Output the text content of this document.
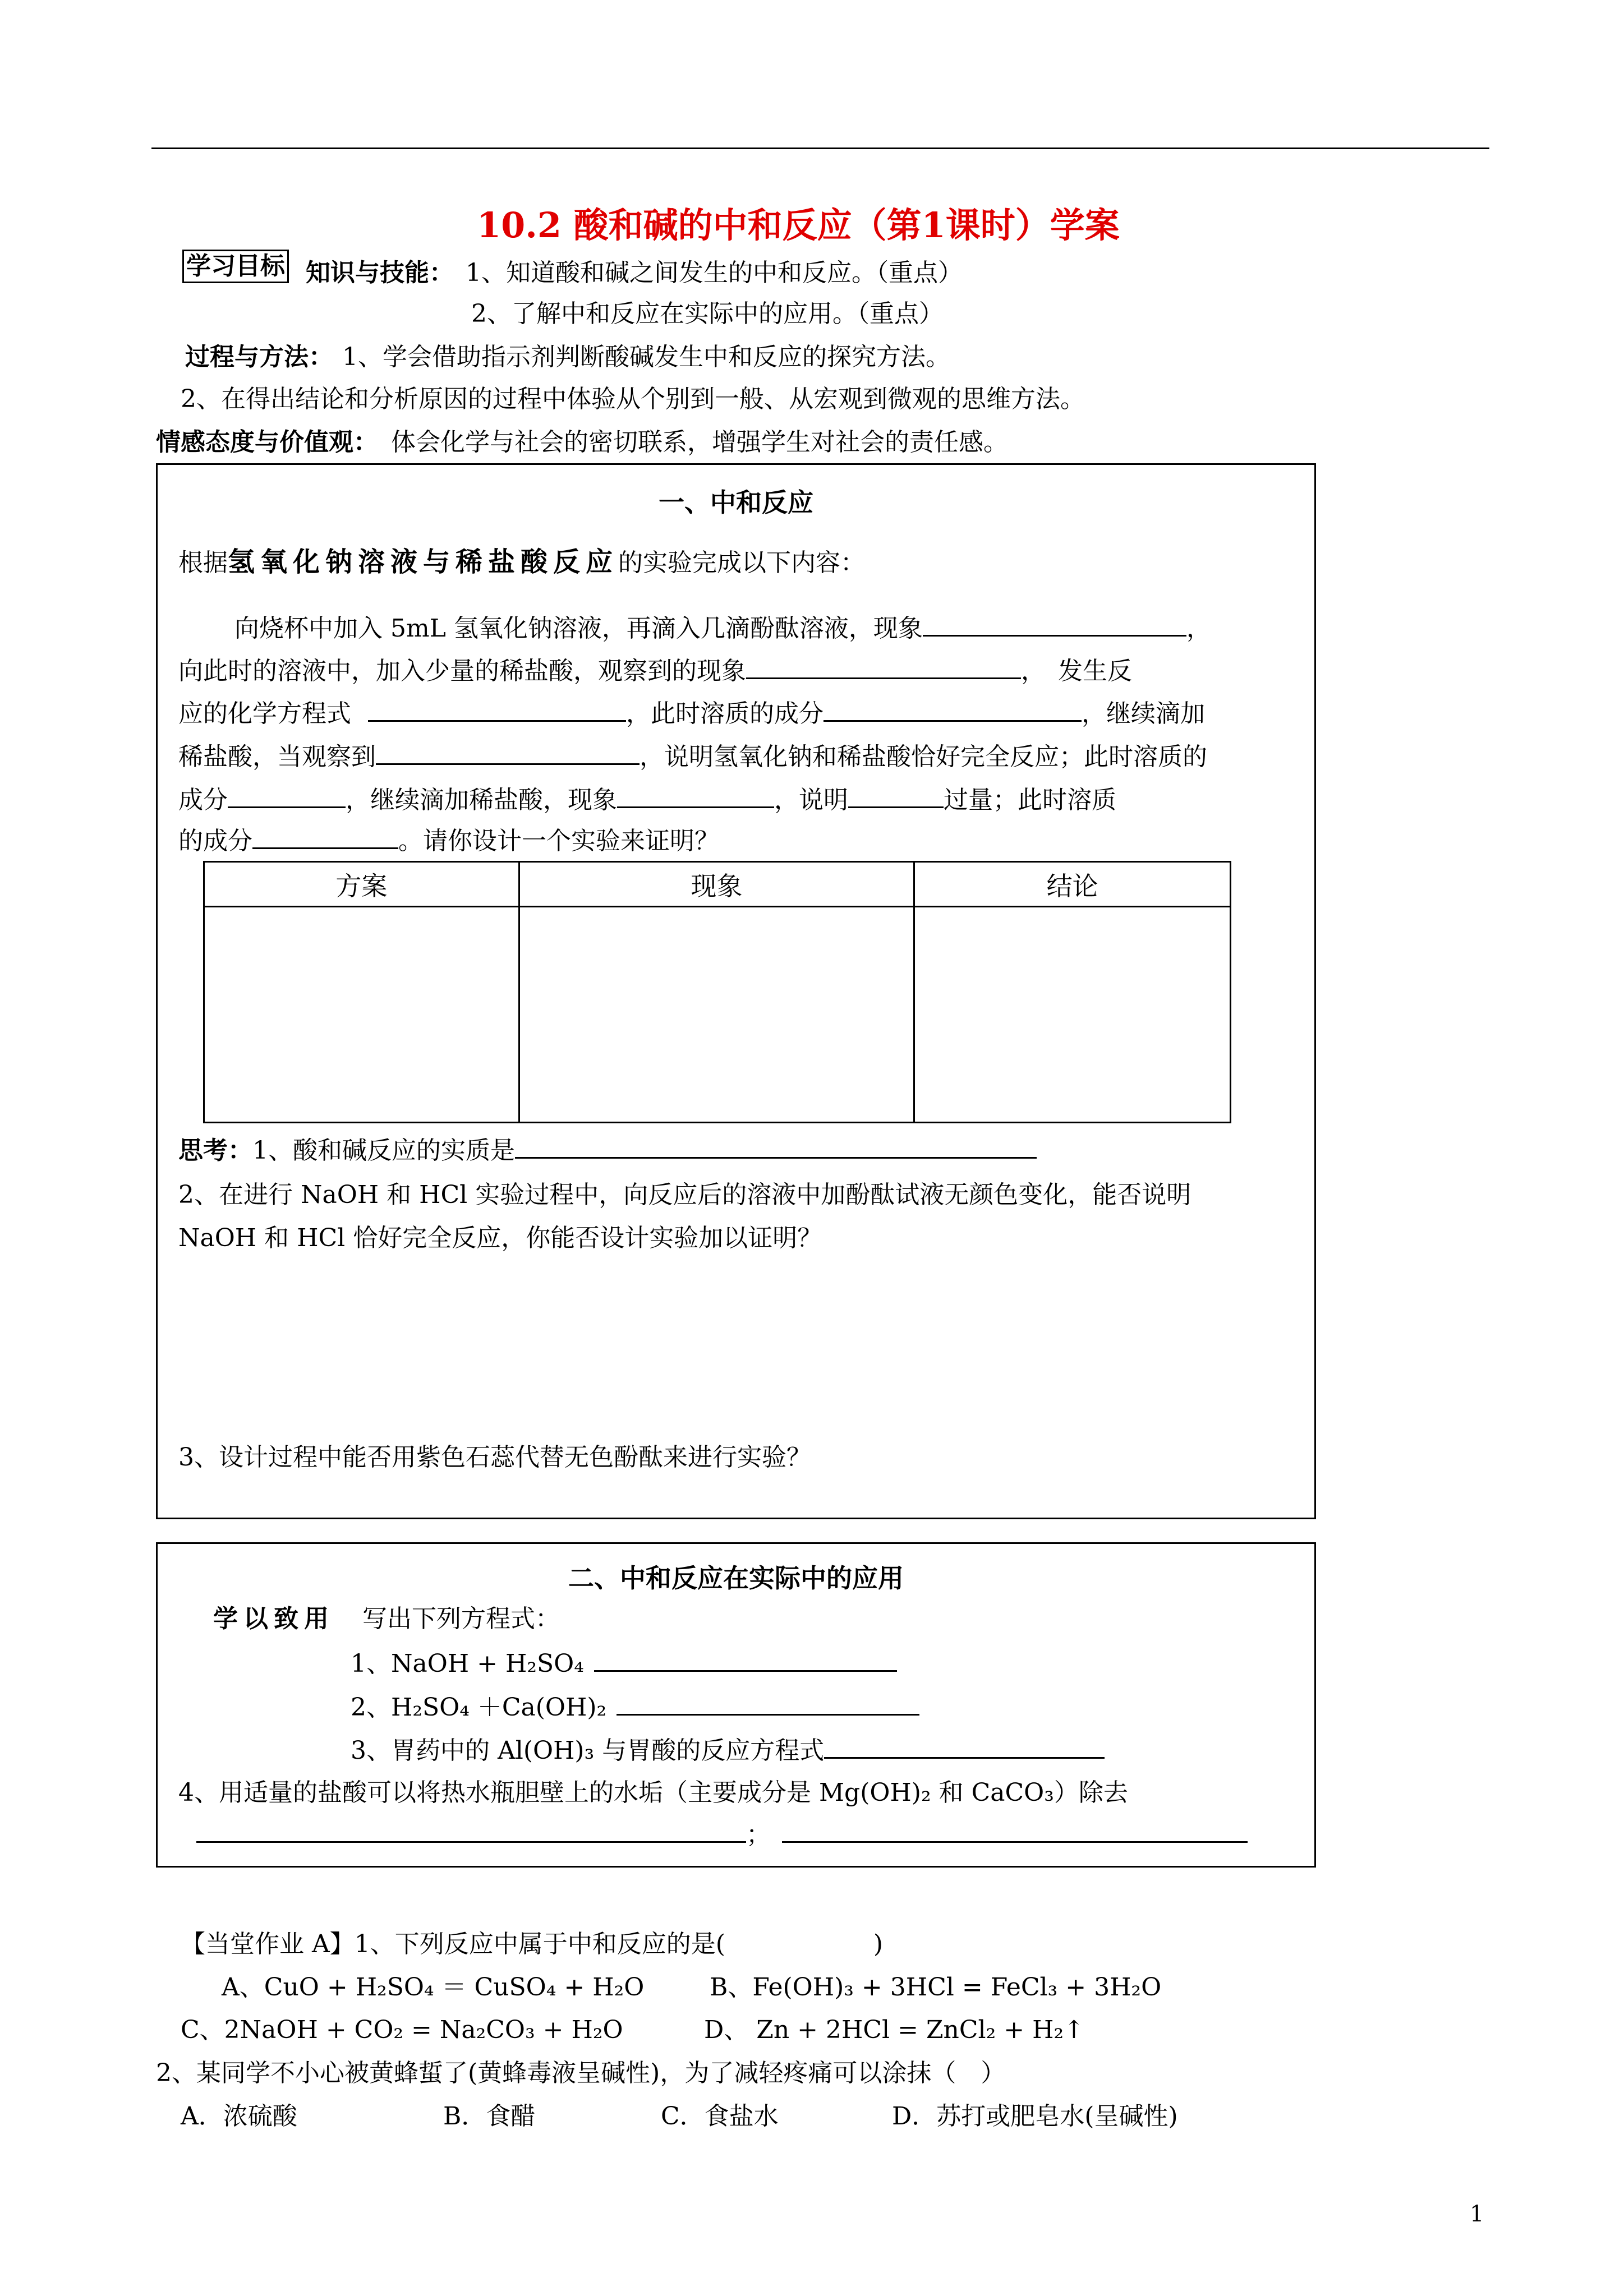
10.2 酸和碱的中和反应（第1课时）学案
学习目标 知识与技能： 1、知道酸和碱之间发生的中和反应。（重点）
2、了解中和反应在实际中的应用。（重点）
过程与方法： 1、学会借助指示剂判断酸碱发生中和反应的探究方法。
2、在得出结论和分析原因的过程中体验从个别到一般、从宏观到微观的思维方法。
情感态度与价值观： 体会化学与社会的密切联系，增强学生对社会的责任感。
一、中和反应
根据氢氧化钠溶液与稀盐酸反应的实验完成以下内容：
向烧杯中加入 5mL 氢氧化钠溶液，再滴入几滴酚酞溶液，现象	，
向此时的溶液中，加入少量的稀盐酸，观察到的现象	，　发生反
应的化学方程式	，此时溶质的成分	，继续滴加
稀盐酸，当观察到	，说明氢氧化钠和稀盐酸恰好完全反应；此时溶质的
成分	，继续滴加稀盐酸，现象	，说明	过量；此时溶质
的成分	。请你设计一个实验来证明？
方案	现象	结论

思考：1、酸和碱反应的实质是
2、在进行 NaOH 和 HCl 实验过程中，向反应后的溶液中加酚酞试液无颜色变化，能否说明
NaOH 和 HCl 恰好完全反应，你能否设计实验加以证明？
3、设计过程中能否用紫色石蕊代替无色酚酞来进行实验？
二、中和反应在实际中的应用
学以致用 写出下列方程式：
1、NaOH + H₂SO₄
2、H₂SO₄ ＋Ca(OH)₂
3、胃药中的 Al(OH)₃ 与胃酸的反应方程式
4、用适量的盐酸可以将热水瓶胆壁上的水垢（主要成分是 Mg(OH)₂ 和 CaCO₃）除去
；
【当堂作业 A】1、下列反应中属于中和反应的是(　　　　　　)
A、CuO + H₂SO₄ ＝ CuSO₄ + H₂O	B、Fe(OH)₃ + 3HCl = FeCl₃ + 3H₂O
C、2NaOH + CO₂ = Na₂CO₃ + H₂O	D、 Zn + 2HCl = ZnCl₂ + H₂↑
2、某同学不小心被黄蜂蜇了(黄蜂毒液呈碱性)，为了减轻疼痛可以涂抹（　）
A．浓硫酸	B．食醋	C．食盐水	D．苏打或肥皂水(呈碱性)
1
